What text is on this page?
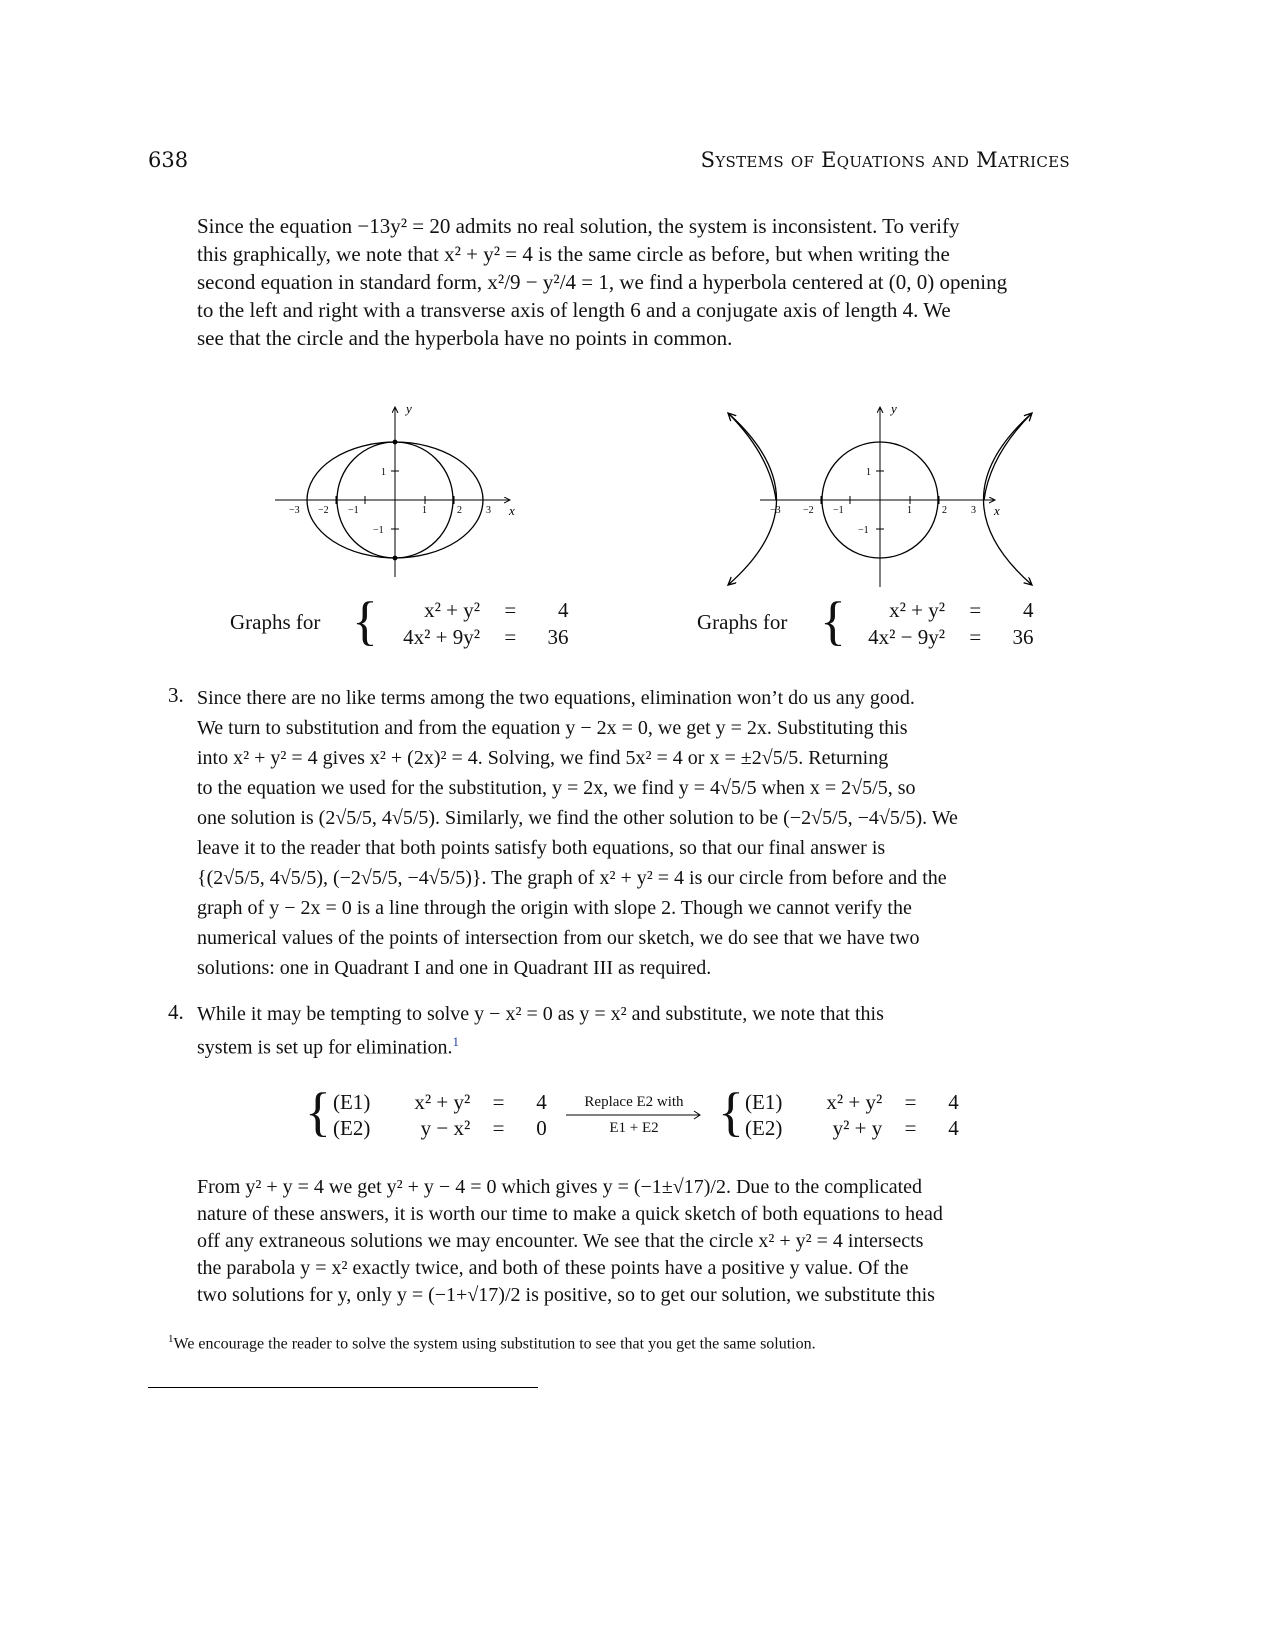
638	Systems of Equations and Matrices
Since the equation −13y² = 20 admits no real solution, the system is inconsistent. To verify
this graphically, we note that x² + y² = 4 is the same circle as before, but when writing the
second equation in standard form, x²/9 − y²/4 = 1, we find a hyperbola centered at (0, 0) opening
to the left and right with a transverse axis of length 6 and a conjugate axis of length 4. We
see that the circle and the hyperbola have no points in common.
−3 −2 −1	1	2 3
1
−1
y
x
Graphs for {	x² + y² = 4
4x² + 9y² = 36
−3 −2 −1	1	2 3
1
−1
y
x
Graphs for {	x² + y² = 4
4x² − 9y² = 36
3. Since there are no like terms among the two equations, elimination won’t do us any good.
We turn to substitution and from the equation y − 2x = 0, we get y = 2x. Substituting this
into x² + y² = 4 gives x² + (2x)² = 4. Solving, we find 5x² = 4 or x = ±2√5/5. Returning
to the equation we used for the substitution, y = 2x, we find y = 4√5/5 when x = 2√5/5, so
one solution is (2√5/5, 4√5/5). Similarly, we find the other solution to be (−2√5/5, −4√5/5). We
leave it to the reader that both points satisfy both equations, so that our final answer is
{(2√5/5, 4√5/5), (−2√5/5, −4√5/5)}. The graph of x² + y² = 4 is our circle from before and the
graph of y − 2x = 0 is a line through the origin with slope 2. Though we cannot verify the
numerical values of the points of intersection from our sketch, we do see that we have two
solutions: one in Quadrant I and one in Quadrant III as required.
4. While it may be tempting to solve y − x² = 0 as y = x² and substitute, we note that this
system is set up for elimination.$^1$
{ (E1) x² + y² = 4
(E2) y − x² = 0
Replace E2 with
E1 + E2	{ (E1) x² + y² = 4
(E2) y² + y = 4
From y² + y = 4 we get y² + y − 4 = 0 which gives y = (−1±√17)/2. Due to the complicated
nature of these answers, it is worth our time to make a quick sketch of both equations to head
off any extraneous solutions we may encounter. We see that the circle x² + y² = 4 intersects
the parabola y = x² exactly twice, and both of these points have a positive y value. Of the
two solutions for y, only y = (−1+√17)/2 is positive, so to get our solution, we substitute this
$^1$We encourage the reader to solve the system using substitution to see that you get the same solution.
